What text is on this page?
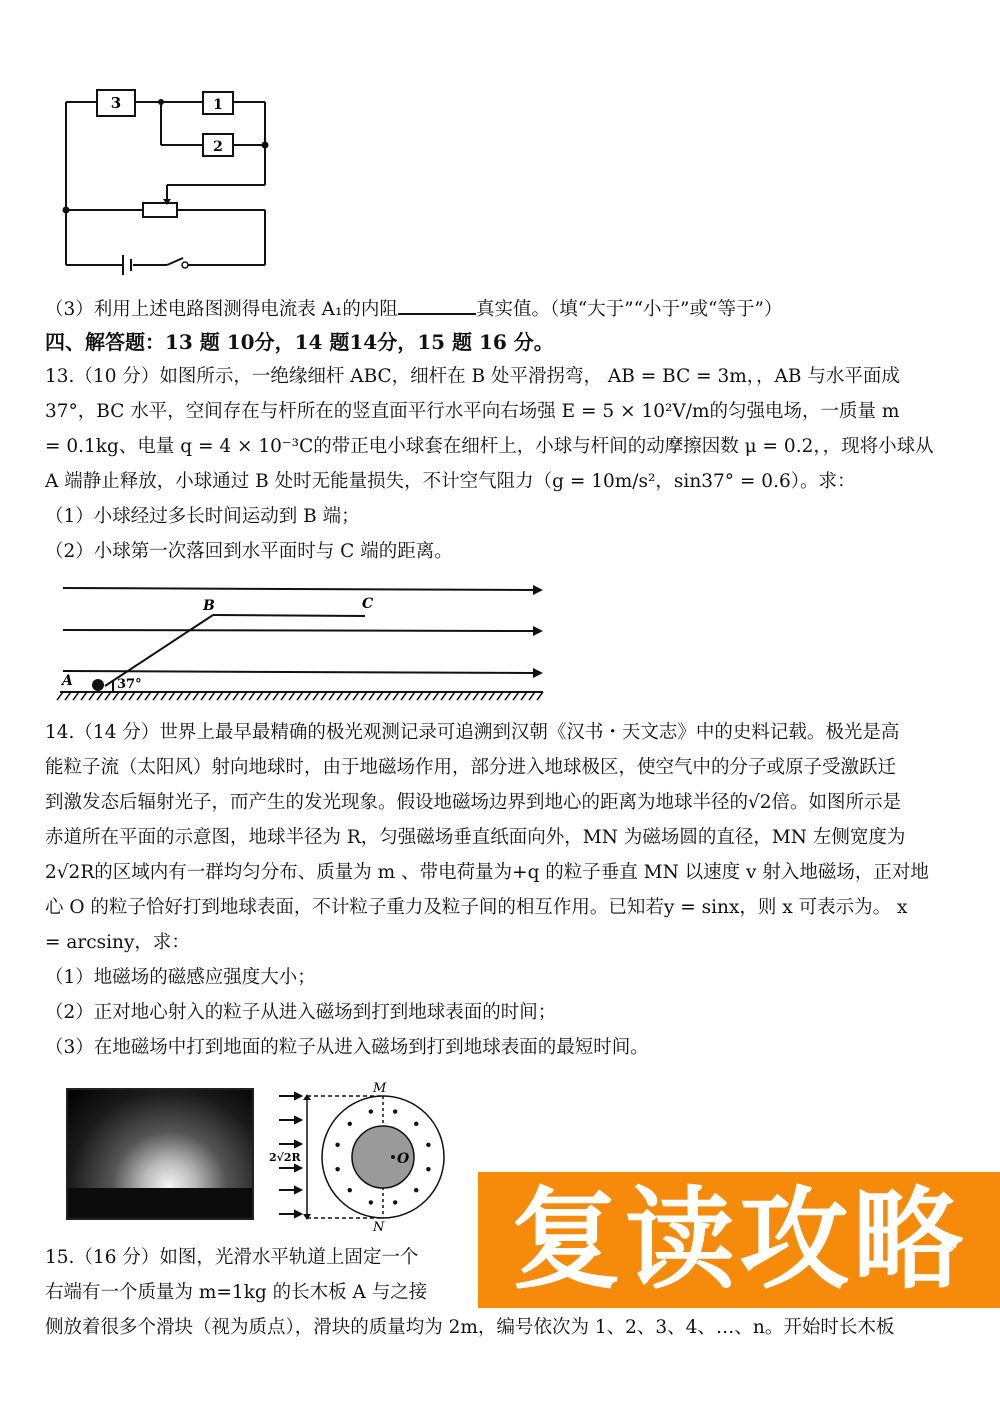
3	1
2
（3）利用上述电路图测得电流表 A₁的内阻	真实值。（填“大于”“小于”或“等于”）
四、解答题：13 题 10分，14 题14分，15 题 16 分。
13.（10 分）如图所示，一绝缘细杆 ABC，细杆在 B 处平滑拐弯， AB = BC = 3m，，AB 与水平面成
37°，BC 水平，空间存在与杆所在的竖直面平行水平向右场强 E = 5 × 10²V/m的匀强电场，一质量 m
= 0.1kg、电量 q = 4 × 10⁻³C的带正电小球套在细杆上，小球与杆间的动摩擦因数 μ = 0.2，，现将小球从
A 端静止释放，小球通过 B 处时无能量损失，不计空气阻力（g = 10m/s²，sin37° = 0.6）。求：
（1）小球经过多长时间运动到 B 端；
（2）小球第一次落回到水平面时与 C 端的距离。
A
B	C
37°
14.（14 分）世界上最早最精确的极光观测记录可追溯到汉朝《汉书・天文志》中的史料记载。极光是高
能粒子流（太阳风）射向地球时，由于地磁场作用，部分进入地球极区，使空气中的分子或原子受激跃迁
到激发态后辐射光子，而产生的发光现象。假设地磁场边界到地心的距离为地球半径的√2倍。如图所示是
赤道所在平面的示意图，地球半径为 R，匀强磁场垂直纸面向外，MN 为磁场圆的直径，MN 左侧宽度为
2√2R的区域内有一群均匀分布、质量为 m 、带电荷量为+q 的粒子垂直 MN 以速度 v 射入地磁场，正对地
心 O 的粒子恰好打到地球表面，不计粒子重力及粒子间的相互作用。已知若y = sinx，则 x 可表示为。 x
= arcsiny，求：
（1）地磁场的磁感应强度大小；
（2）正对地心射入的粒子从进入磁场到打到地球表面的时间；
（3）在地磁场中打到地面的粒子从进入磁场到打到地球表面的最短时间。
M
N
O
2√2R
15.（16 分）如图，光滑水平轨道上固定一个
右端有一个质量为 m=1kg 的长木板 A 与之接
侧放着很多个滑块（视为质点），滑块的质量均为 2m，编号依次为 1、2、3、4、…、n。开始时长木板
复读攻略
